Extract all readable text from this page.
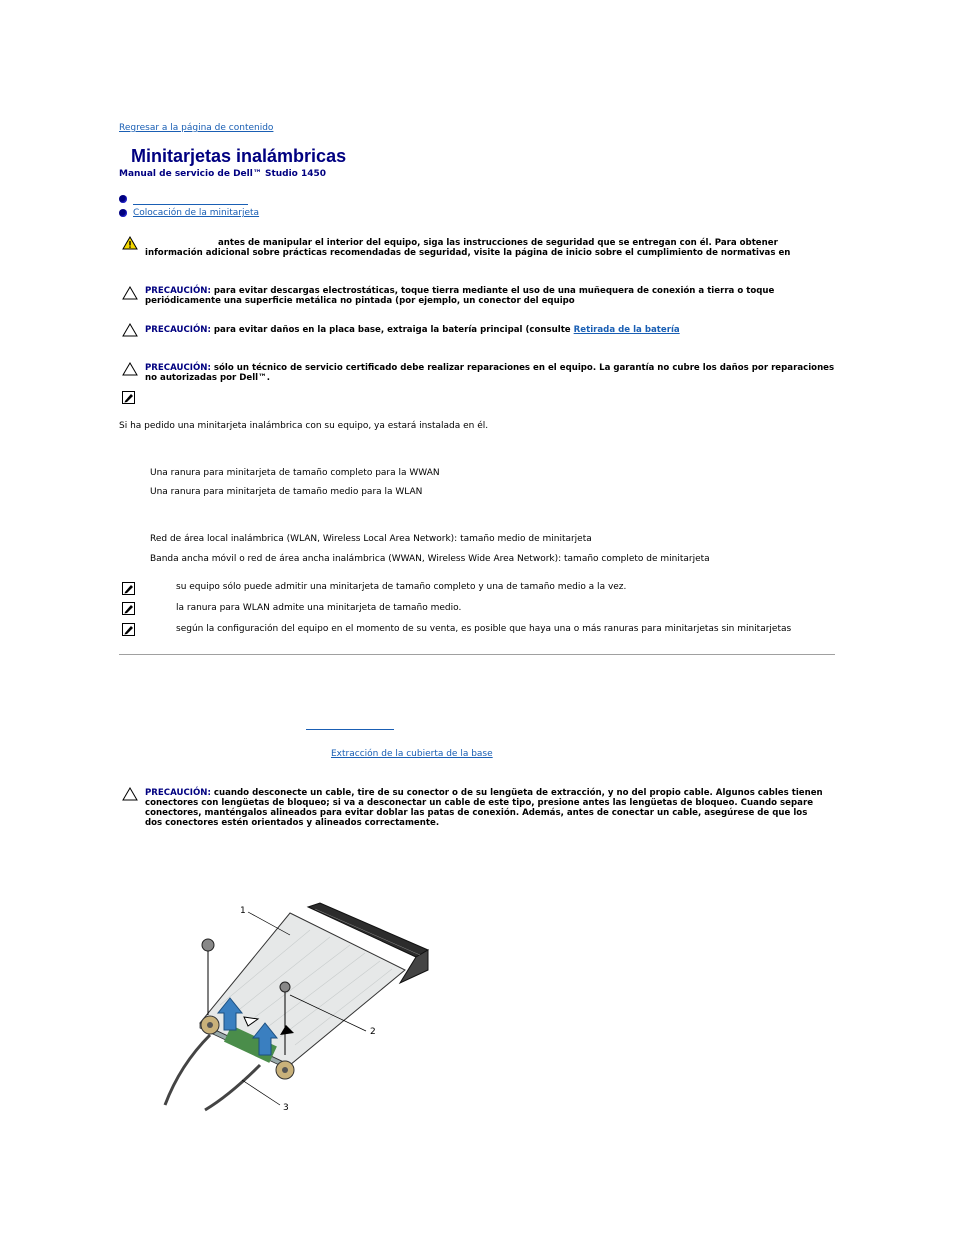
Regresar a la página de contenido
Minitarjetas inalámbricas
Manual de servicio de Dell™ Studio 1450
Colocación de la minitarjeta
antes de manipular el interior del equipo, siga las instrucciones de seguridad que se entregan con él. Para obtener información adicional sobre prácticas recomendadas de seguridad, visite la página de inicio sobre el cumplimiento de normativas en
PRECAUCIÓN: para evitar descargas electrostáticas, toque tierra mediante el uso de una muñequera de conexión a tierra o toque periódicamente una superficie metálica no pintada (por ejemplo, un conector del equipo
PRECAUCIÓN: para evitar daños en la placa base, extraiga la batería principal (consulte Retirada de la batería
PRECAUCIÓN: sólo un técnico de servicio certificado debe realizar reparaciones en el equipo. La garantía no cubre los daños por reparaciones no autorizadas por Dell™.
Si ha pedido una minitarjeta inalámbrica con su equipo, ya estará instalada en él.
Una ranura para minitarjeta de tamaño completo para la WWAN
Una ranura para minitarjeta de tamaño medio para la WLAN
Red de área local inalámbrica (WLAN, Wireless Local Area Network): tamaño medio de minitarjeta
Banda ancha móvil o red de área ancha inalámbrica (WWAN, Wireless Wide Area Network): tamaño completo de minitarjeta
su equipo sólo puede admitir una minitarjeta de tamaño completo y una de tamaño medio a la vez.
la ranura para WLAN admite una minitarjeta de tamaño medio.
según la configuración del equipo en el momento de su venta, es posible que haya una o más ranuras para minitarjetas sin minitarjetas
Extracción de la cubierta de la base
PRECAUCIÓN: cuando desconecte un cable, tire de su conector o de su lengüeta de extracción, y no del propio cable. Algunos cables tienen conectores con lengüetas de bloqueo; si va a desconectar un cable de este tipo, presione antes las lengüetas de bloqueo. Cuando separe conectores, manténgalos alineados para evitar doblar las patas de conexión. Además, antes de conectar un cable, asegúrese de que los dos conectores estén orientados y alineados correctamente.
1
2
3
